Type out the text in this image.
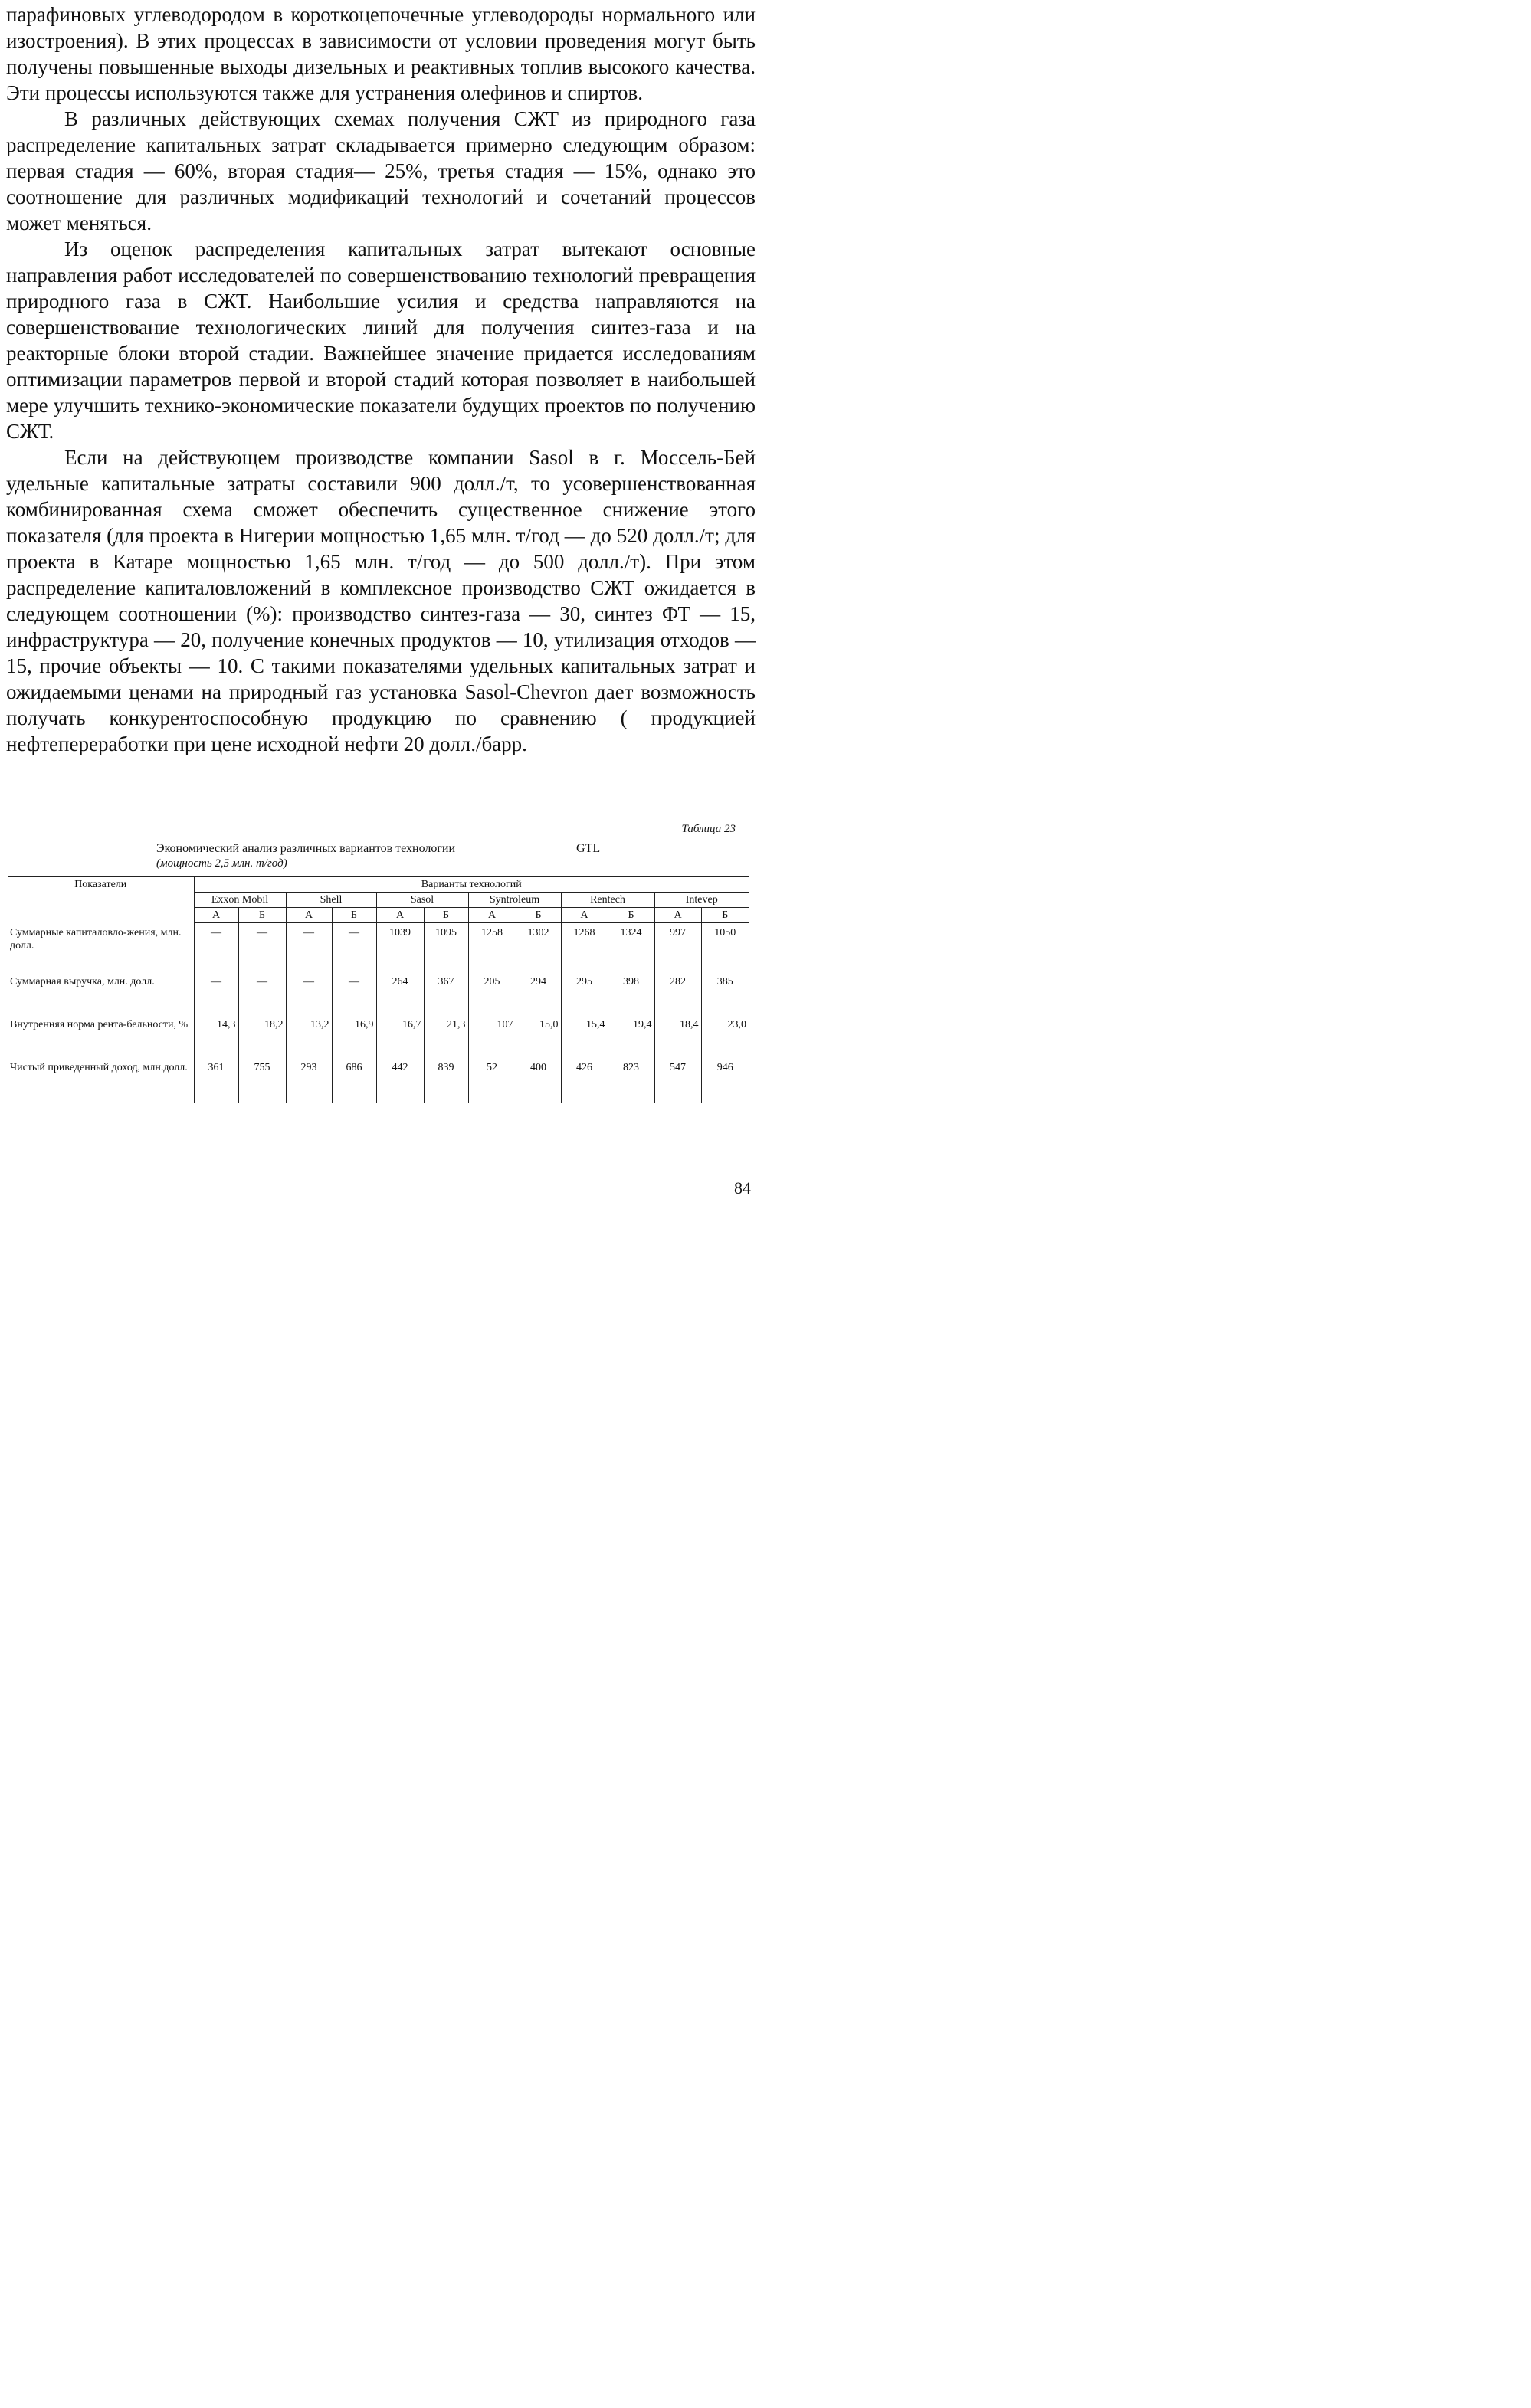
парафиновых углеводородом в короткоцепочечные углеводороды нормального или изостроения). В этих процессах в зависимости от условии проведения могут быть получены повышенные выходы дизельных и реактивных топлив высокого качества. Эти процессы используются также для устранения олефинов и спиртов.

В различных действующих схемах получения СЖТ из природного газа распределение капитальных затрат складывается примерно следующим образом: первая стадия — 60%, вторая стадия— 25%, третья стадия — 15%, однако это соотношение для различных модификаций технологий и сочетаний процессов может меняться.

Из оценок распределения капитальных затрат вытекают основные направления работ исследователей по совершенствованию технологий превращения природного газа в СЖТ. Наибольшие усилия и средства направляются на совершенствование технологических линий для получения синтез-газа и на реакторные блоки второй стадии. Важнейшее значение придается исследованиям оптимизации параметров первой и второй стадий которая позволяет в наибольшей мере улучшить технико-экономические показатели будущих проектов по получению СЖТ.

Если на действующем производстве компании Sasol в г. Моссель-Бей удельные капитальные затраты составили 900 долл./т, то усовершенствованная комбинированная схема сможет обеспечить существенное снижение этого показателя (для проекта в Нигерии мощностью 1,65 млн. т/год — до 520 долл./т; для проекта в Катаре мощностью 1,65 млн. т/год — до 500 долл./т). При этом распределение капиталовложений в комплексное производство СЖТ ожидается в следующем соотношении (%): производство синтез-газа — 30, синтез ФТ — 15, инфраструктура — 20, получение конечных продуктов — 10, утилизация отходов — 15, прочие объекты — 10. С такими показателями удельных капитальных затрат и ожидаемыми ценами на природный газ установка Sasol-Chevron дает возможность получать конкурентоспособную продукцию по сравнению ( продукцией нефтепереработки при цене исходной нефти 20 долл./барр.

Таблица 23
Экономический анализ различных вариантов технологии	GTL
(мощность 2,5 млн. т/год)
Показатели	Варианты технологий											
	Exxon Mobil		Shell		Sasol		Syntroleum		Rentech		Intevep	
	А	Б	А	Б	А	Б	А	Б	А	Б	А	Б
Суммарные капиталовло-жения, млн. долл.	—	—	—	—	1039	1095	1258	1302	1268	1324	997	1050
Суммарная выручка, млн. долл.	—	—	—	—	264	367	205	294	295	398	282	385
Внутренняя норма рента-бельности, %	14,3	18,2	13,2	16,9	16,7	21,3	107	15,0	15,4	19,4	18,4	23,0
Чистый приведенный доход, млн.долл.	361	755	293	686	442	839	52	400	426	823	547	946
84
